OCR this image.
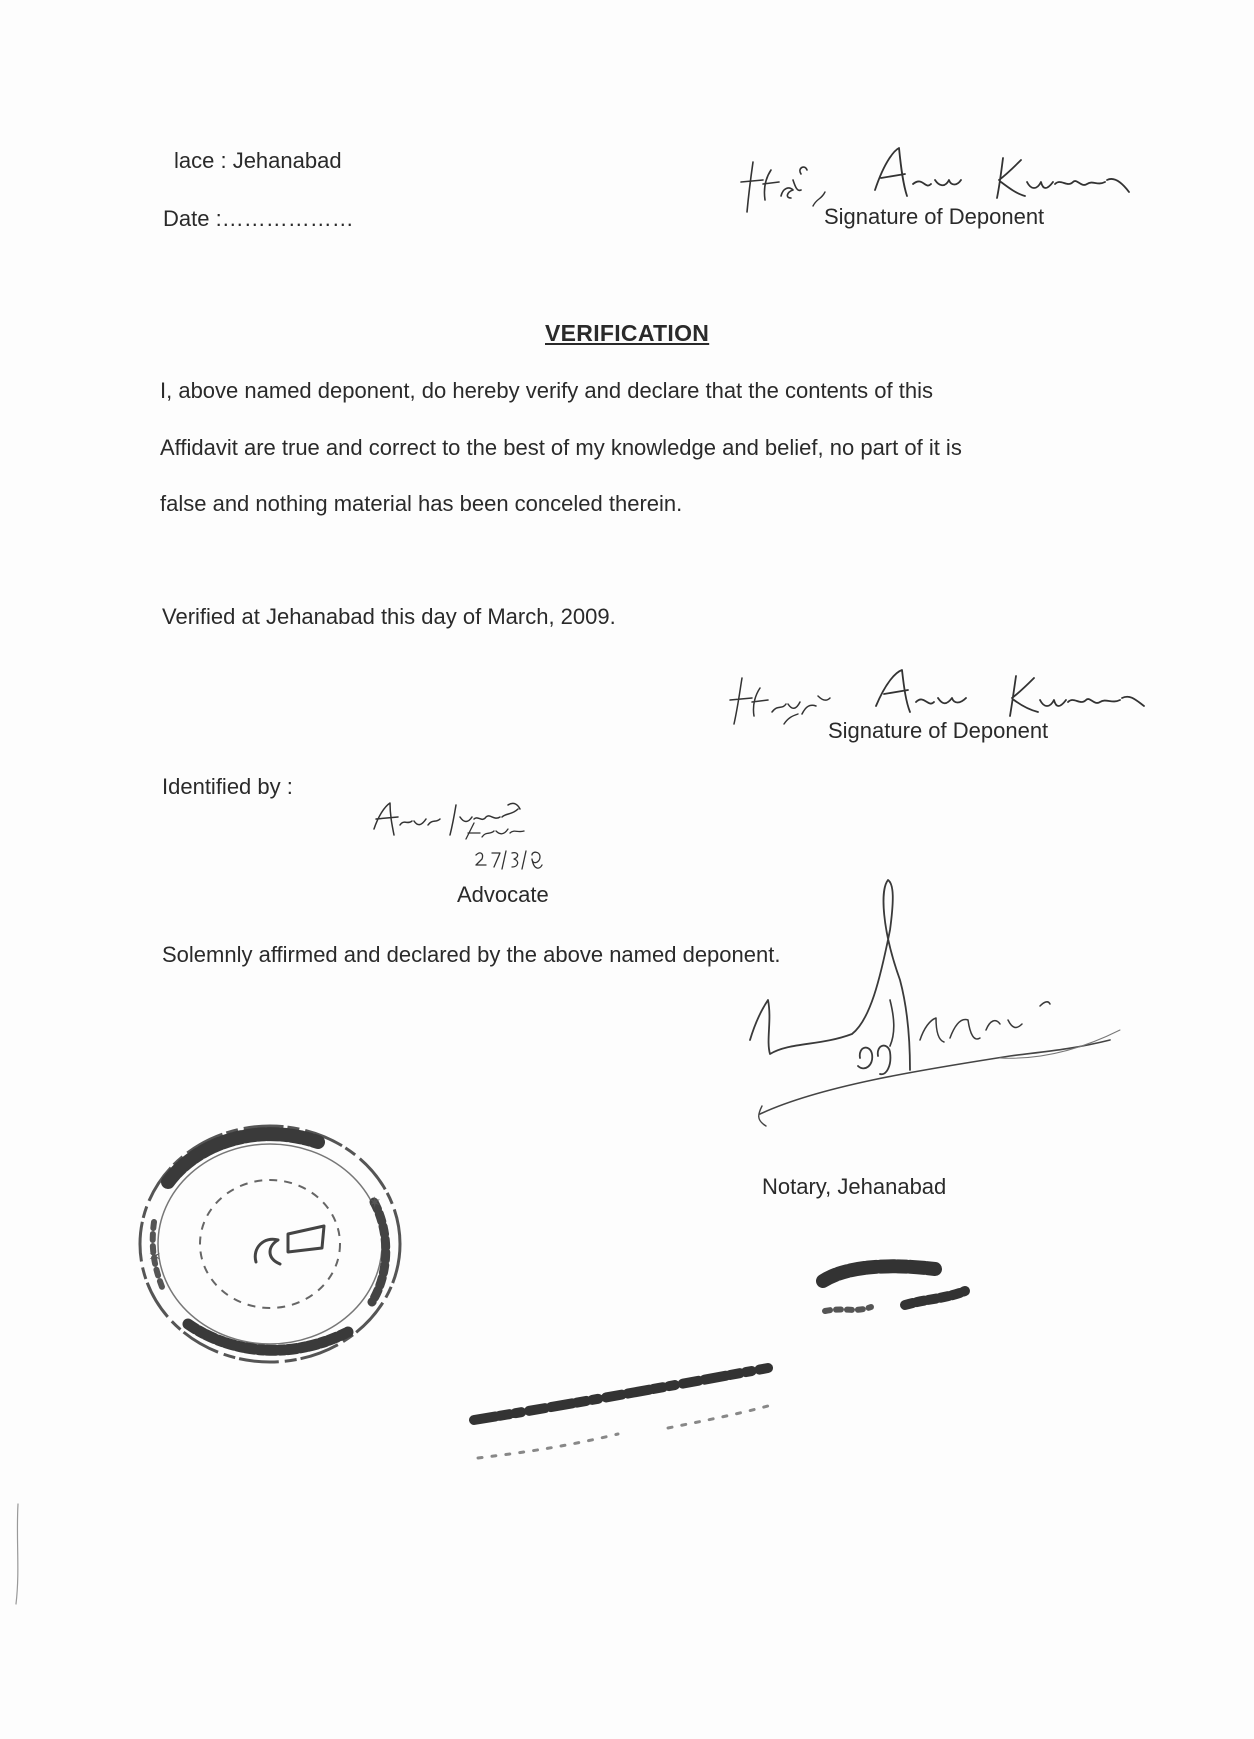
lace : Jehanabad
Date :………………	Signature of Deponent
VERIFICATION
I, above named deponent, do hereby verify and declare that the contents of this
Affidavit are true and correct to the best of my knowledge and belief, no part of it is
false and nothing material has been conceled therein.
Verified at Jehanabad this day of March, 2009.
Signature of Deponent
Identified by :
Advocate
Solemnly affirmed and declared by the above named deponent.
Notary, Jehanabad
✶
✶
